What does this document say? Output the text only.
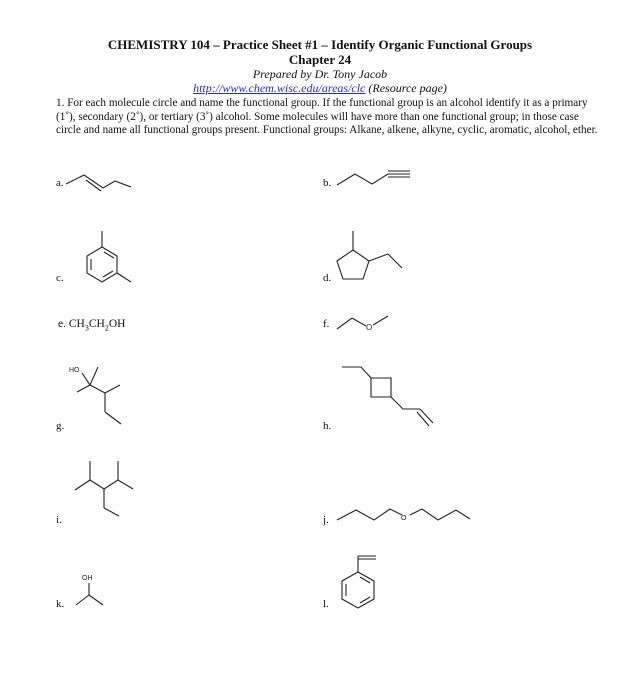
CHEMISTRY 104 – Practice Sheet #1 – Identify Organic Functional Groups
Chapter 24
Prepared by Dr. Tony Jacob
http://www.chem.wisc.edu/areas/clc (Resource page)
1. For each molecule circle and name the functional group. If the functional group is an alcohol identify it as a primary (1˚), secondary (2˚), or tertiary (3˚) alcohol. Some molecules will have more than one functional group; in those case circle and name all functional groups present. Functional groups: Alkane, alkene, alkyne, cyclic, aromatic, alcohol, ether.
a.	b.
c.	d.
e. $CH_3CH_2OH$	f.
g.	h.
i.	j.
k.	l.
O
HO
O
OH
